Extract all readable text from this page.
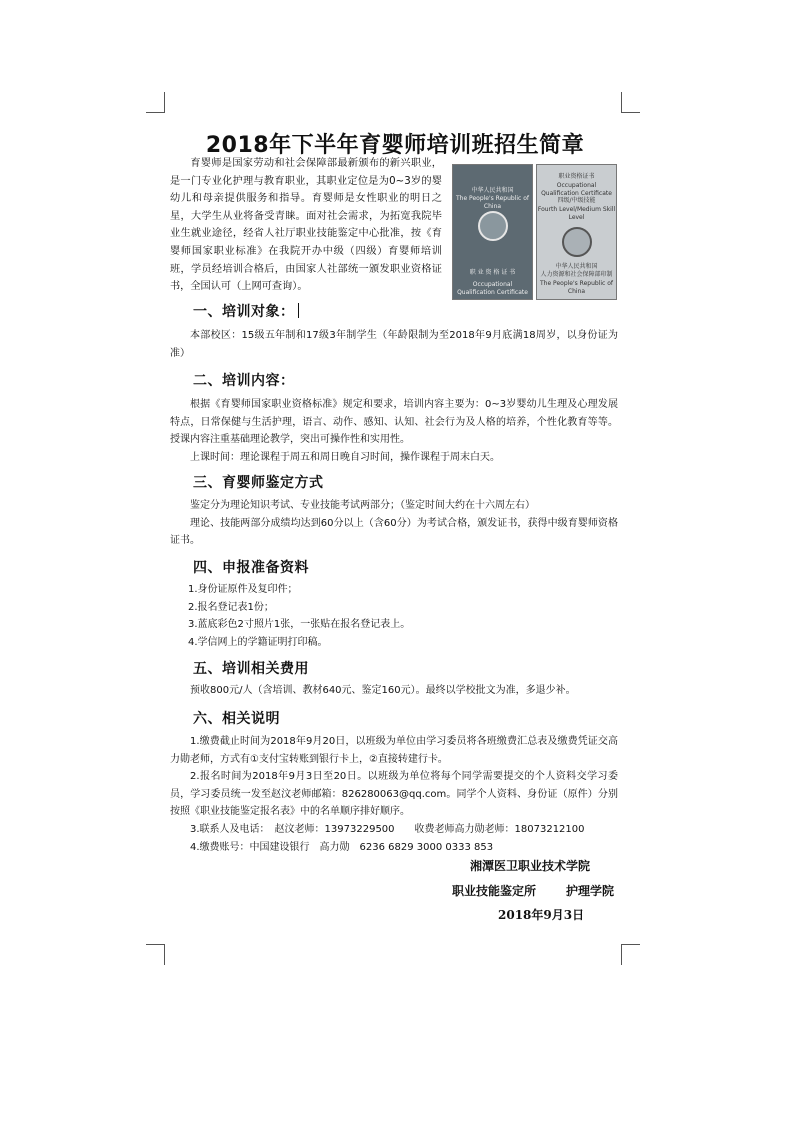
2018年下半年育婴师培训班招生简章

育婴师是国家劳动和社会保障部最新颁布的新兴职业，是一门专业化护理与教育职业，其职业定位是为0~3岁的婴幼儿和母亲提供服务和指导。育婴师是女性职业的明日之星，大学生从业将备受青睐。面对社会需求，为拓宽我院毕业生就业途径，经省人社厅职业技能鉴定中心批准，按《育婴师国家职业标准》在我院开办中级（四级）育婴师培训班，学员经培训合格后，由国家人社部统一颁发职业资格证书，全国认可（上网可查询）。

中华人民共和国
The People's Republic of China
职 业 资 格 证 书
Occupational Qualification Certificate
职业资格证书
Occupational Qualification Certificate
四级/中级技能
Fourth Level/Medium Skill Level
中华人民共和国
人力资源和社会保障部印制
The People's Republic of China
一、培训对象：

本部校区：15级五年制和17级3年制学生（年龄限制为至2018年9月底满18周岁，以身份证为准）

二、培训内容：

根据《育婴师国家职业资格标准》规定和要求，培训内容主要为：0~3岁婴幼儿生理及心理发展特点，日常保健与生活护理，语言、动作、感知、认知、社会行为及人格的培养，个性化教育等等。授课内容注重基础理论教学，突出可操作性和实用性。

上课时间：理论课程于周五和周日晚自习时间，操作课程于周末白天。

三、育婴师鉴定方式

鉴定分为理论知识考试、专业技能考试两部分；（鉴定时间大约在十六周左右）

理论、技能两部分成绩均达到60分以上（含60分）为考试合格，颁发证书，获得中级育婴师资格证书。

四、申报准备资料

1.身份证原件及复印件；

2.报名登记表1份；

3.蓝底彩色2寸照片1张，一张贴在报名登记表上。

4.学信网上的学籍证明打印稿。

五、培训相关费用

预收800元/人（含培训、教材640元、鉴定160元）。最终以学校批文为准，多退少补。

六、相关说明

1.缴费截止时间为2018年9月20日，以班级为单位由学习委员将各班缴费汇总表及缴费凭证交高力勋老师，方式有①支付宝转账到银行卡上，②直接转建行卡。

2.报名时间为2018年9月3日至20日。以班级为单位将每个同学需要提交的个人资料交学习委员，学习委员统一发至赵汶老师邮箱：826280063@qq.com。同学个人资料、身份证（原件）分别按照《职业技能鉴定报名表》中的名单顺序排好顺序。

3.联系人及电话：　赵汶老师：13973229500　　收费老师高力勋老师：18073212100

4.缴费账号：中国建设银行　高力勋　6236 6829 3000 0333 853

湘潭医卫职业技术学院
职业技能鉴定所 护理学院
2018年9月3日
